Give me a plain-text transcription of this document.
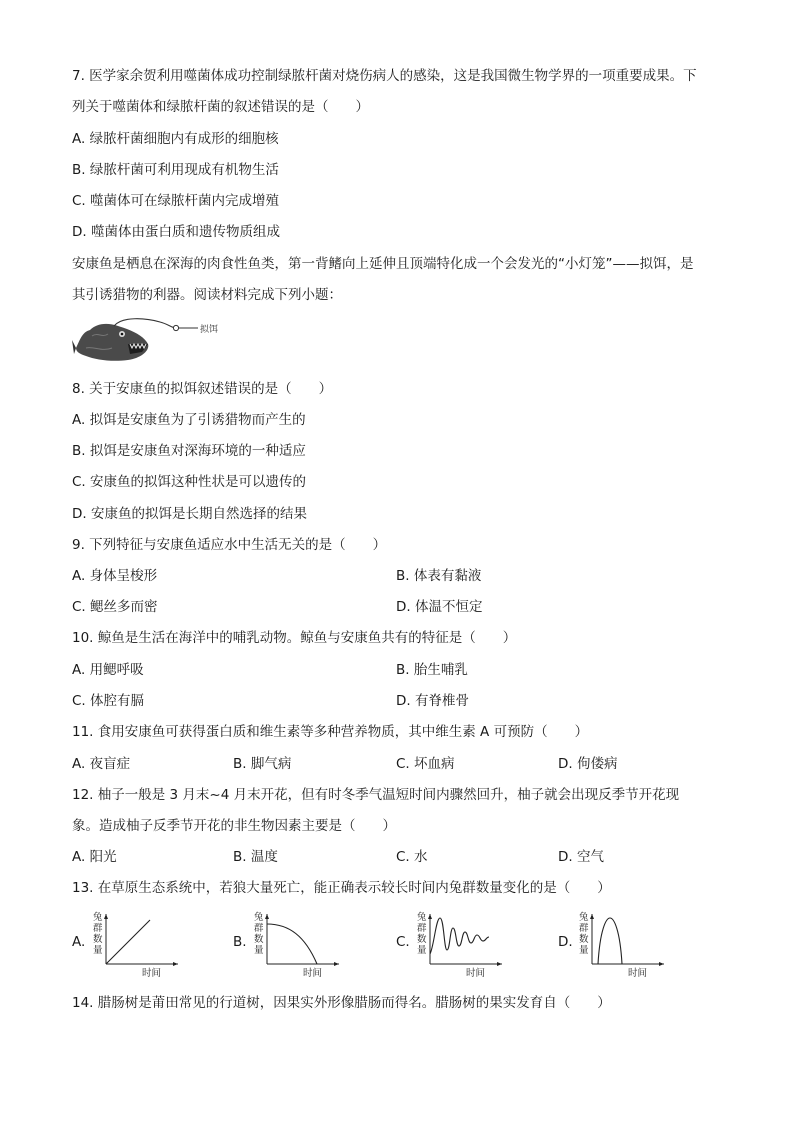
7. 医学家余贺利用噬菌体成功控制绿脓杆菌对烧伤病人的感染，这是我国微生物学界的一项重要成果。下
列关于噬菌体和绿脓杆菌的叙述错误的是（　　）
A. 绿脓杆菌细胞内有成形的细胞核
B. 绿脓杆菌可利用现成有机物生活
C. 噬菌体可在绿脓杆菌内完成增殖
D. 噬菌体由蛋白质和遗传物质组成
安康鱼是栖息在深海的肉食性鱼类，第一背鳍向上延伸且顶端特化成一个会发光的“小灯笼”——拟饵，是
其引诱猎物的利器。阅读材料完成下列小题：
拟饵
8. 关于安康鱼的拟饵叙述错误的是（　　）
A. 拟饵是安康鱼为了引诱猎物而产生的
B. 拟饵是安康鱼对深海环境的一种适应
C. 安康鱼的拟饵这种性状是可以遗传的
D. 安康鱼的拟饵是长期自然选择的结果
9. 下列特征与安康鱼适应水中生活无关的是（　　）
A. 身体呈梭形	B. 体表有黏液
C. 鳃丝多而密	D. 体温不恒定
10. 鲸鱼是生活在海洋中的哺乳动物。鲸鱼与安康鱼共有的特征是（　　）
A. 用鳃呼吸	B. 胎生哺乳
C. 体腔有膈	D. 有脊椎骨
11. 食用安康鱼可获得蛋白质和维生素等多种营养物质，其中维生素 A 可预防（　　）
A. 夜盲症	B. 脚气病	C. 坏血病	D. 佝偻病
12. 柚子一般是 3 月末~4 月末开花，但有时冬季气温短时间内骤然回升，柚子就会出现反季节开花现
象。造成柚子反季节开花的非生物因素主要是（　　）
A. 阳光	B. 温度	C. 水	D. 空气
13. 在草原生态系统中，若狼大量死亡，能正确表示较长时间内兔群数量变化的是（　　）
A.
兔
群
数
量
时间
B.
兔
群
数
量
时间
C.
兔
群
数
量
时间
D.
兔
群
数
量
时间
14. 腊肠树是莆田常见的行道树，因果实外形像腊肠而得名。腊肠树的果实发育自（　　）
